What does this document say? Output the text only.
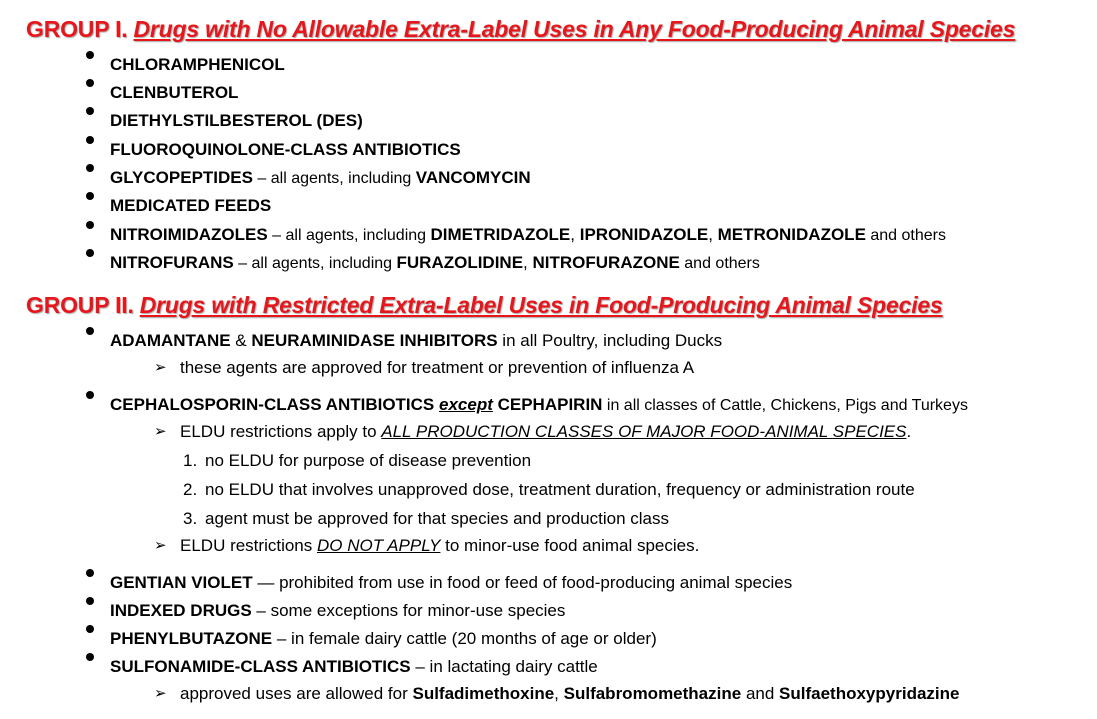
GROUP I. Drugs with No Allowable Extra-Label Uses in Any Food-Producing Animal Species
CHLORAMPHENICOL
CLENBUTEROL
DIETHYLSTILBESTEROL (DES)
FLUOROQUINOLONE-CLASS ANTIBIOTICS
GLYCOPEPTIDES – all agents, including VANCOMYCIN
MEDICATED FEEDS
NITROIMIDAZOLES – all agents, including DIMETRIDAZOLE, IPRONIDAZOLE, METRONIDAZOLE and others
NITROFURANS – all agents, including FURAZOLIDINE, NITROFURAZONE and others
GROUP II. Drugs with Restricted Extra-Label Uses in Food-Producing Animal Species
ADAMANTANE & NEURAMINIDASE INHIBITORS in all Poultry, including Ducks
➢ these agents are approved for treatment or prevention of influenza A
CEPHALOSPORIN-CLASS ANTIBIOTICS except CEPHAPIRIN in all classes of Cattle, Chickens, Pigs and Turkeys
➢ ELDU restrictions apply to ALL PRODUCTION CLASSES OF MAJOR FOOD-ANIMAL SPECIES.
1. no ELDU for purpose of disease prevention
2. no ELDU that involves unapproved dose, treatment duration, frequency or administration route
3. agent must be approved for that species and production class
➢ ELDU restrictions DO NOT APPLY to minor-use food animal species.
GENTIAN VIOLET — prohibited from use in food or feed of food-producing animal species
INDEXED DRUGS – some exceptions for minor-use species
PHENYLBUTAZONE – in female dairy cattle (20 months of age or older)
SULFONAMIDE-CLASS ANTIBIOTICS – in lactating dairy cattle
➢ approved uses are allowed for Sulfadimethoxine, Sulfabromomethazine and Sulfaethoxypyridazine
